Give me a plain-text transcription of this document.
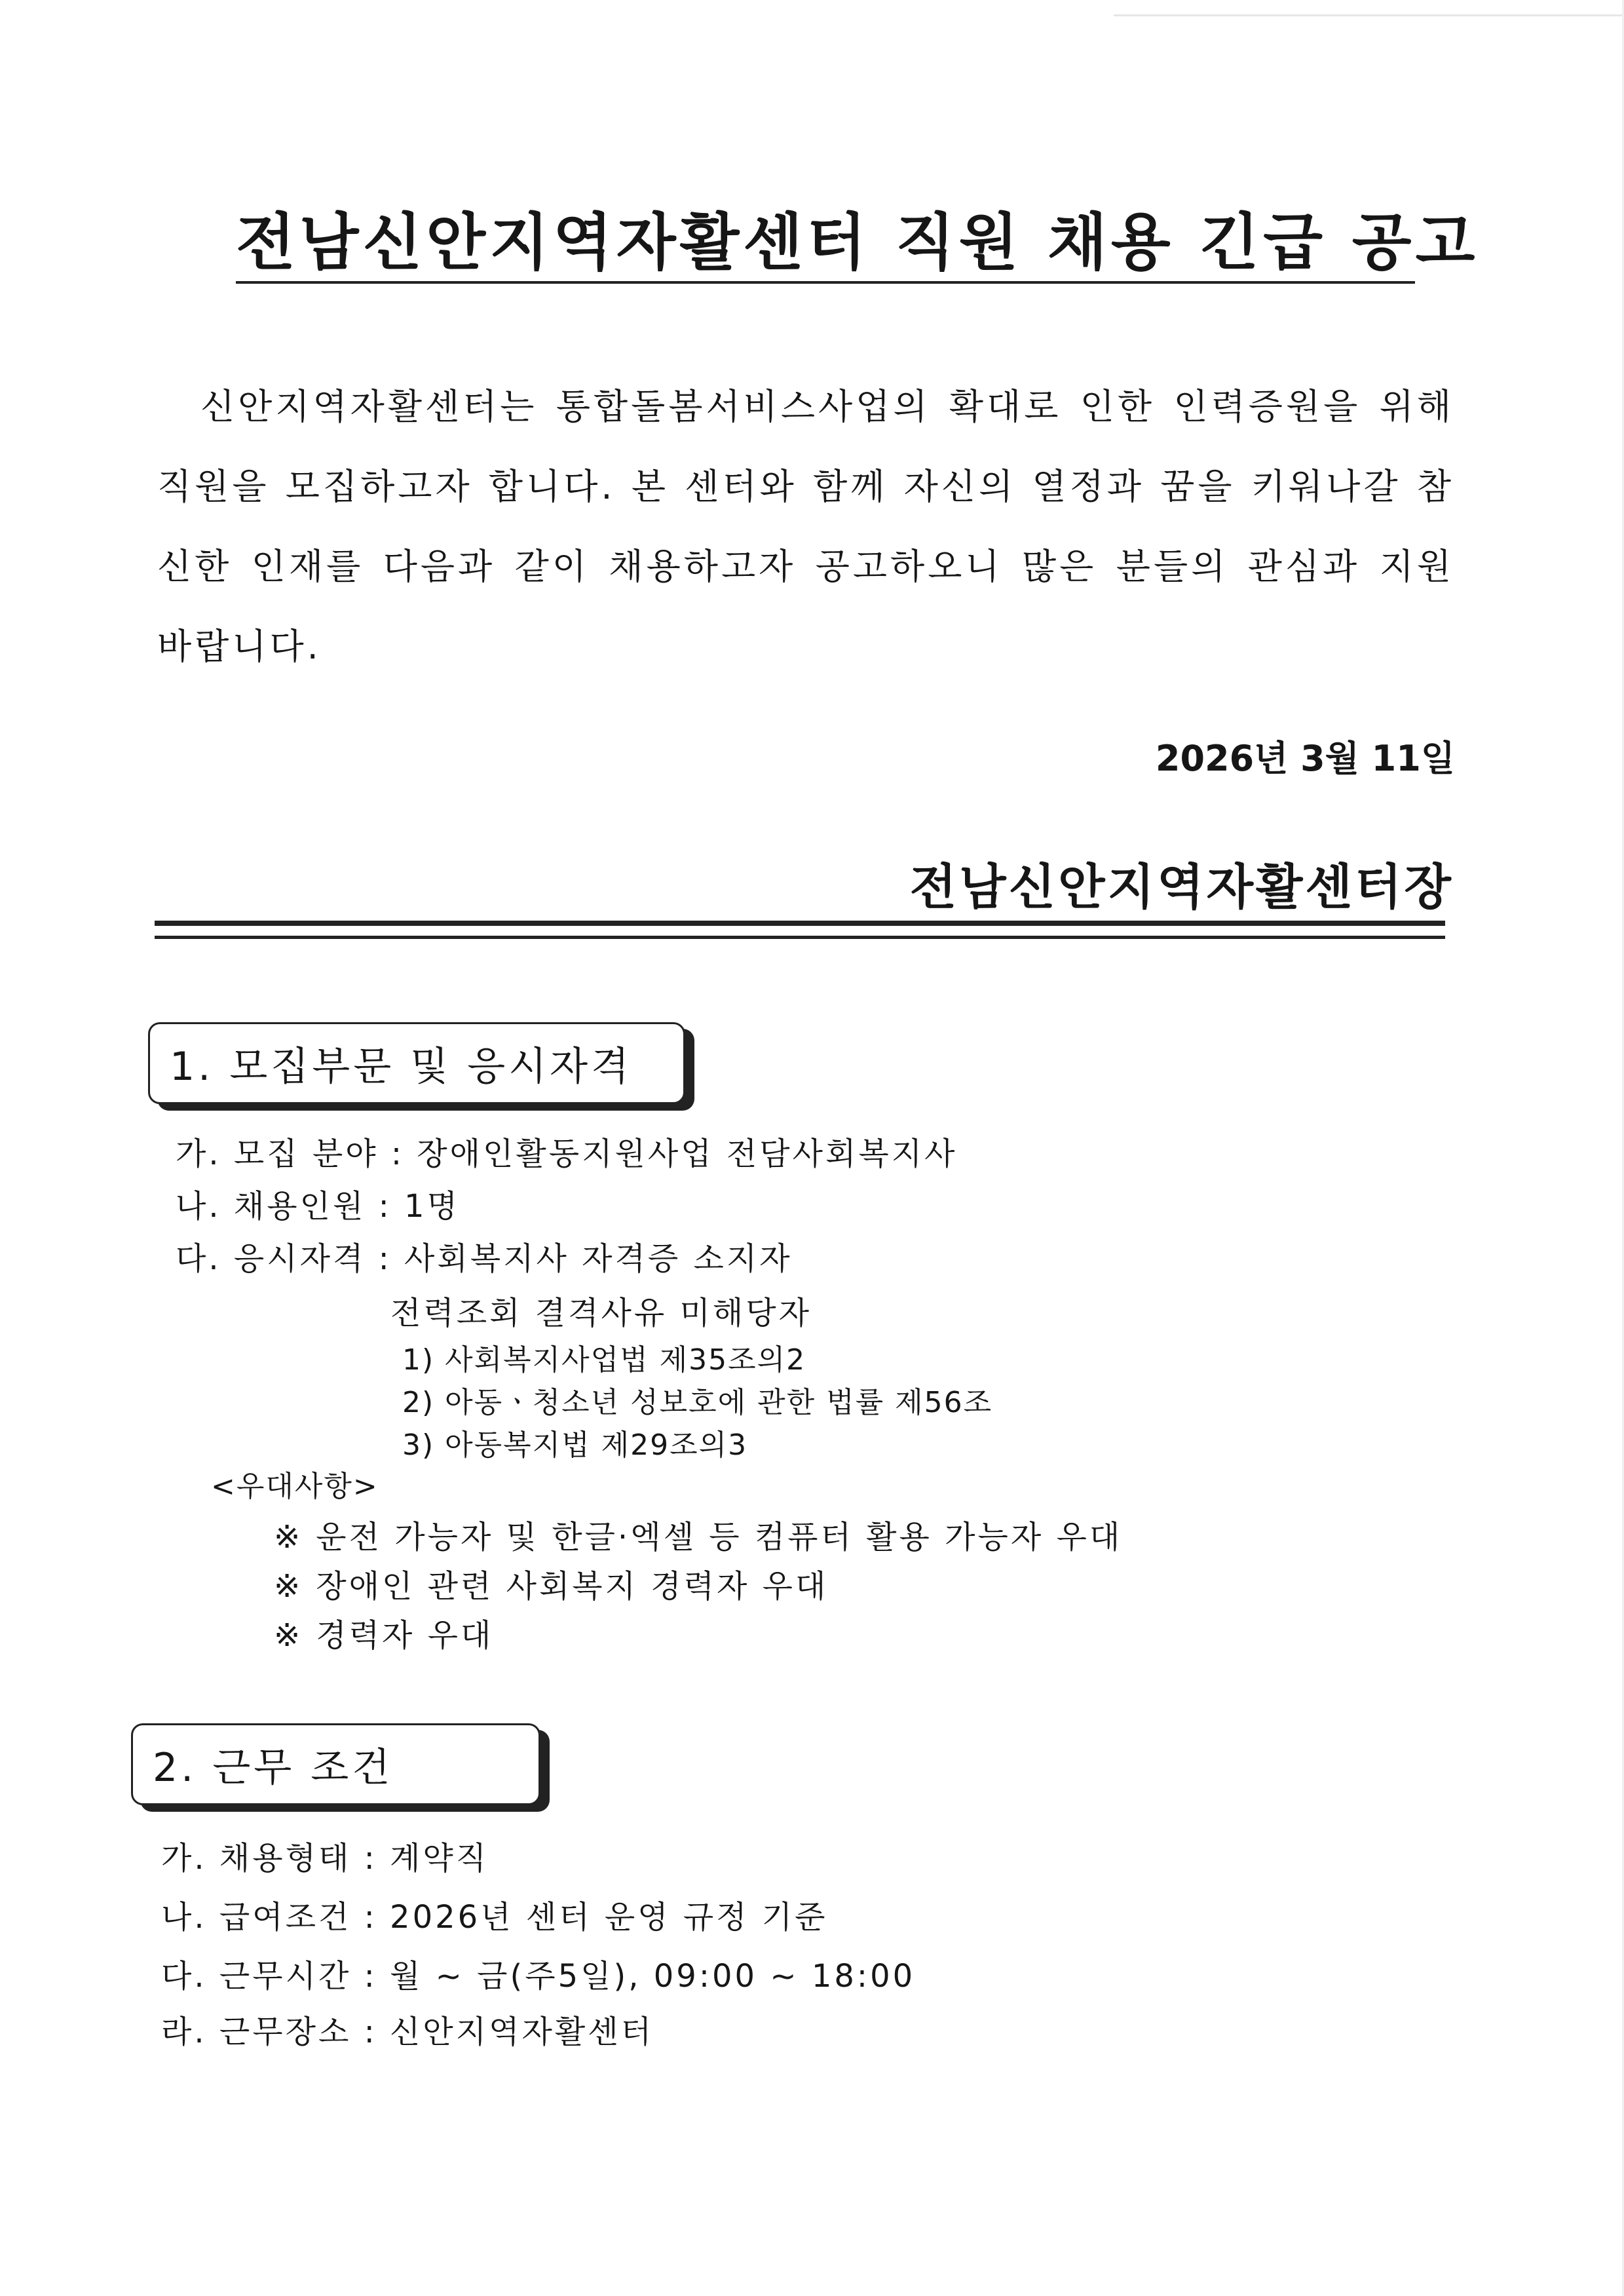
전남신안지역자활센터 직원 채용 긴급 공고

신안지역자활센터는 통합돌봄서비스사업의 확대로 인한 인력증원을 위해 직원을 모집하고자 합니다. 본 센터와 함께 자신의 열정과 꿈을 키워나갈 참신한 인재를 다음과 같이 채용하고자 공고하오니 많은 분들의 관심과 지원 바랍니다.

2026년 3월 11일
전남신안지역자활센터장
1. 모집부문 및 응시자격
가. 모집 분야 : 장애인활동지원사업 전담사회복지사
나. 채용인원 : 1명
다. 응시자격 : 사회복지사 자격증 소지자
전력조회 결격사유 미해당자
1) 사회복지사업법 제35조의2
2) 아동ㆍ청소년 성보호에 관한 법률 제56조
3) 아동복지법 제29조의3
<우대사항>
※ 운전 가능자 및 한글·엑셀 등 컴퓨터 활용 가능자 우대
※ 장애인 관련 사회복지 경력자 우대
※ 경력자 우대
2. 근무 조건
가. 채용형태 : 계약직
나. 급여조건 : 2026년 센터 운영 규정 기준
다. 근무시간 : 월 ~ 금(주5일), 09:00 ~ 18:00
라. 근무장소 : 신안지역자활센터
